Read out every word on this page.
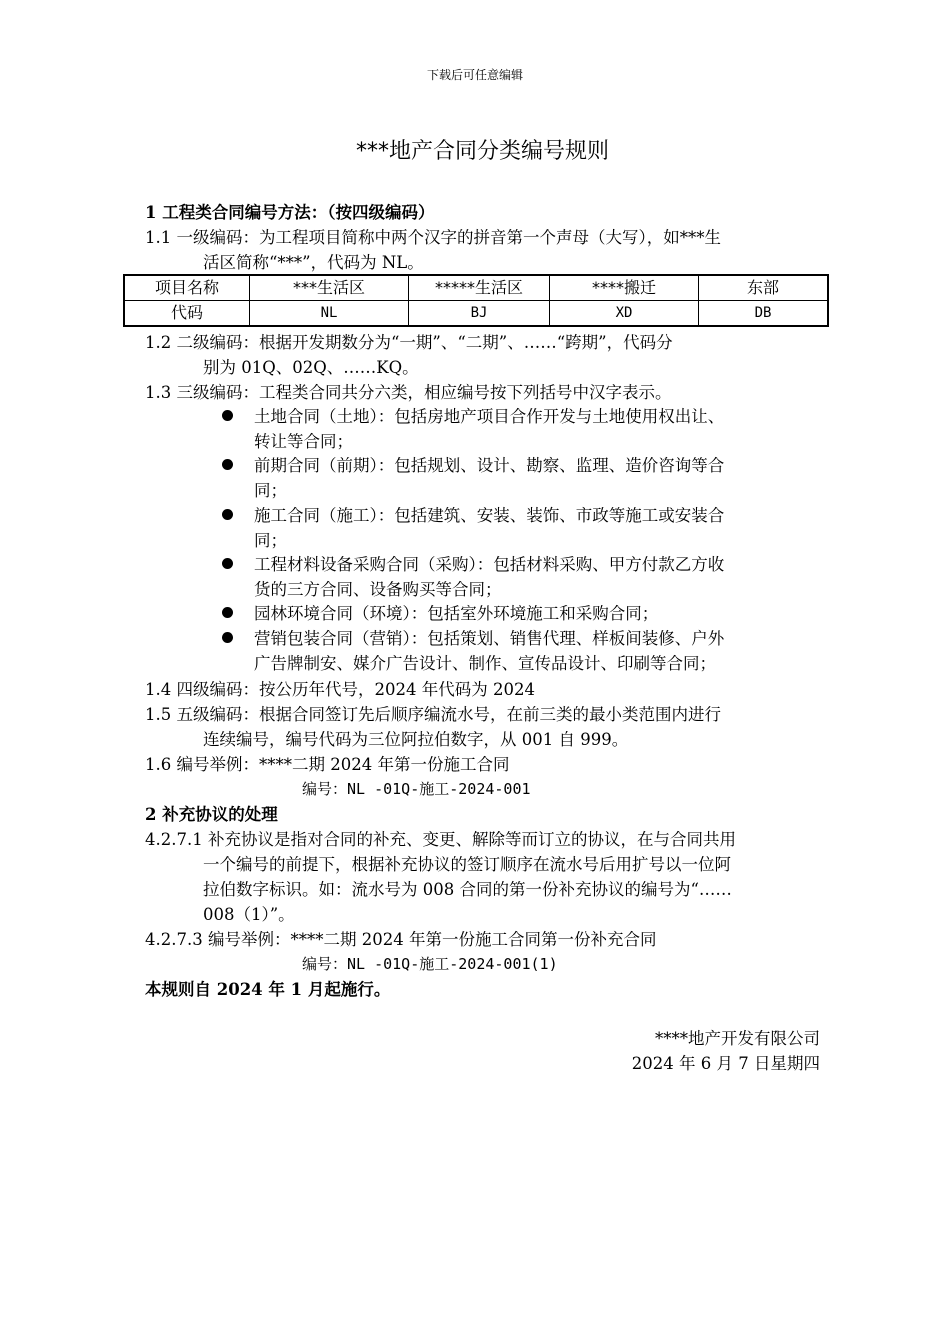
下载后可任意编辑
***地产合同分类编号规则
1 工程类合同编号方法：（按四级编码）
1.1 一级编码：为工程项目简称中两个汉字的拼音第一个声母（大写），如***生
活区简称“***”，代码为 NL。
项目名称	***生活区	*****生活区	****搬迁	东部
代码	NL	BJ	XD	DB
1.2 二级编码：根据开发期数分为“一期”、“二期”、……“跨期”，代码分
别为 01Q、02Q、……KQ。
1.3 三级编码：工程类合同共分六类，相应编号按下列括号中汉字表示。
土地合同（土地）：包括房地产项目合作开发与土地使用权出让、
转让等合同；
前期合同（前期）：包括规划、设计、勘察、监理、造价咨询等合
同；
施工合同（施工）：包括建筑、安装、装饰、市政等施工或安装合
同；
工程材料设备采购合同（采购）：包括材料采购、甲方付款乙方收
货的三方合同、设备购买等合同；
园林环境合同（环境）：包括室外环境施工和采购合同；
营销包装合同（营销）：包括策划、销售代理、样板间装修、户外
广告牌制安、媒介广告设计、制作、宣传品设计、印刷等合同；
1.4 四级编码：按公历年代号，2024 年代码为 2024
1.5 五级编码：根据合同签订先后顺序编流水号，在前三类的最小类范围内进行
连续编号，编号代码为三位阿拉伯数字，从 001 自 999。
1.6 编号举例：****二期 2024 年第一份施工合同
编号：NL -01Q-施工-2024-001
2 补充协议的处理
4.2.7.1 补充协议是指对合同的补充、变更、解除等而订立的协议，在与合同共用
一个编号的前提下，根据补充协议的签订顺序在流水号后用扩号以一位阿
拉伯数字标识。如：流水号为 008 合同的第一份补充协议的编号为“……
008（1）”。
4.2.7.3 编号举例：****二期 2024 年第一份施工合同第一份补充合同
编号：NL -01Q-施工-2024-001(1)
本规则自 2024 年 1 月起施行。
****地产开发有限公司
2024 年 6 月 7 日星期四
